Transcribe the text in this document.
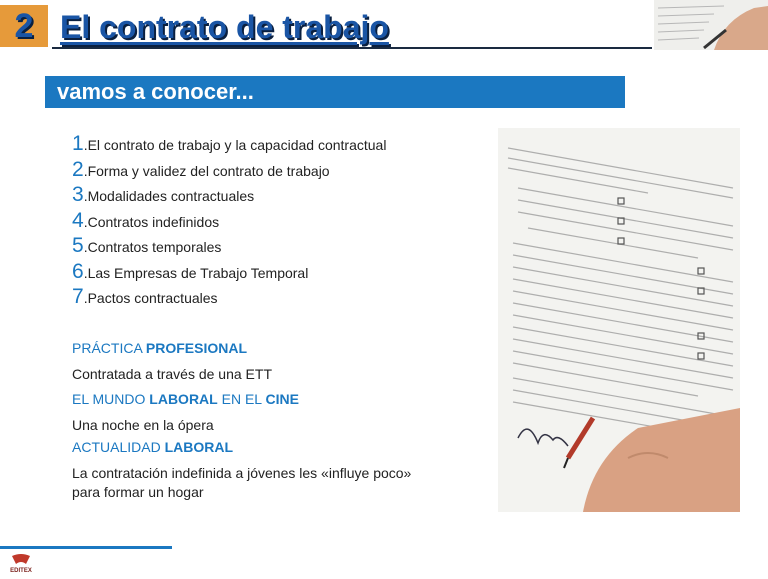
2 El contrato de trabajo
vamos a conocer...
1 . El contrato de trabajo y la capacidad contractual
2 . Forma y validez del contrato de trabajo
3 . Modalidades contractuales
4 . Contratos indefinidos
5 . Contratos temporales
6 . Las Empresas de Trabajo Temporal
7 . Pactos contractuales
PRÁCTICA PROFESIONAL
Contratada a través de una ETT
EL MUNDO LABORAL EN EL CINE
Una noche en la ópera
ACTUALIDAD LABORAL
La contratación indefinida a jóvenes les «influye poco»
para formar un hogar
EDITEX
